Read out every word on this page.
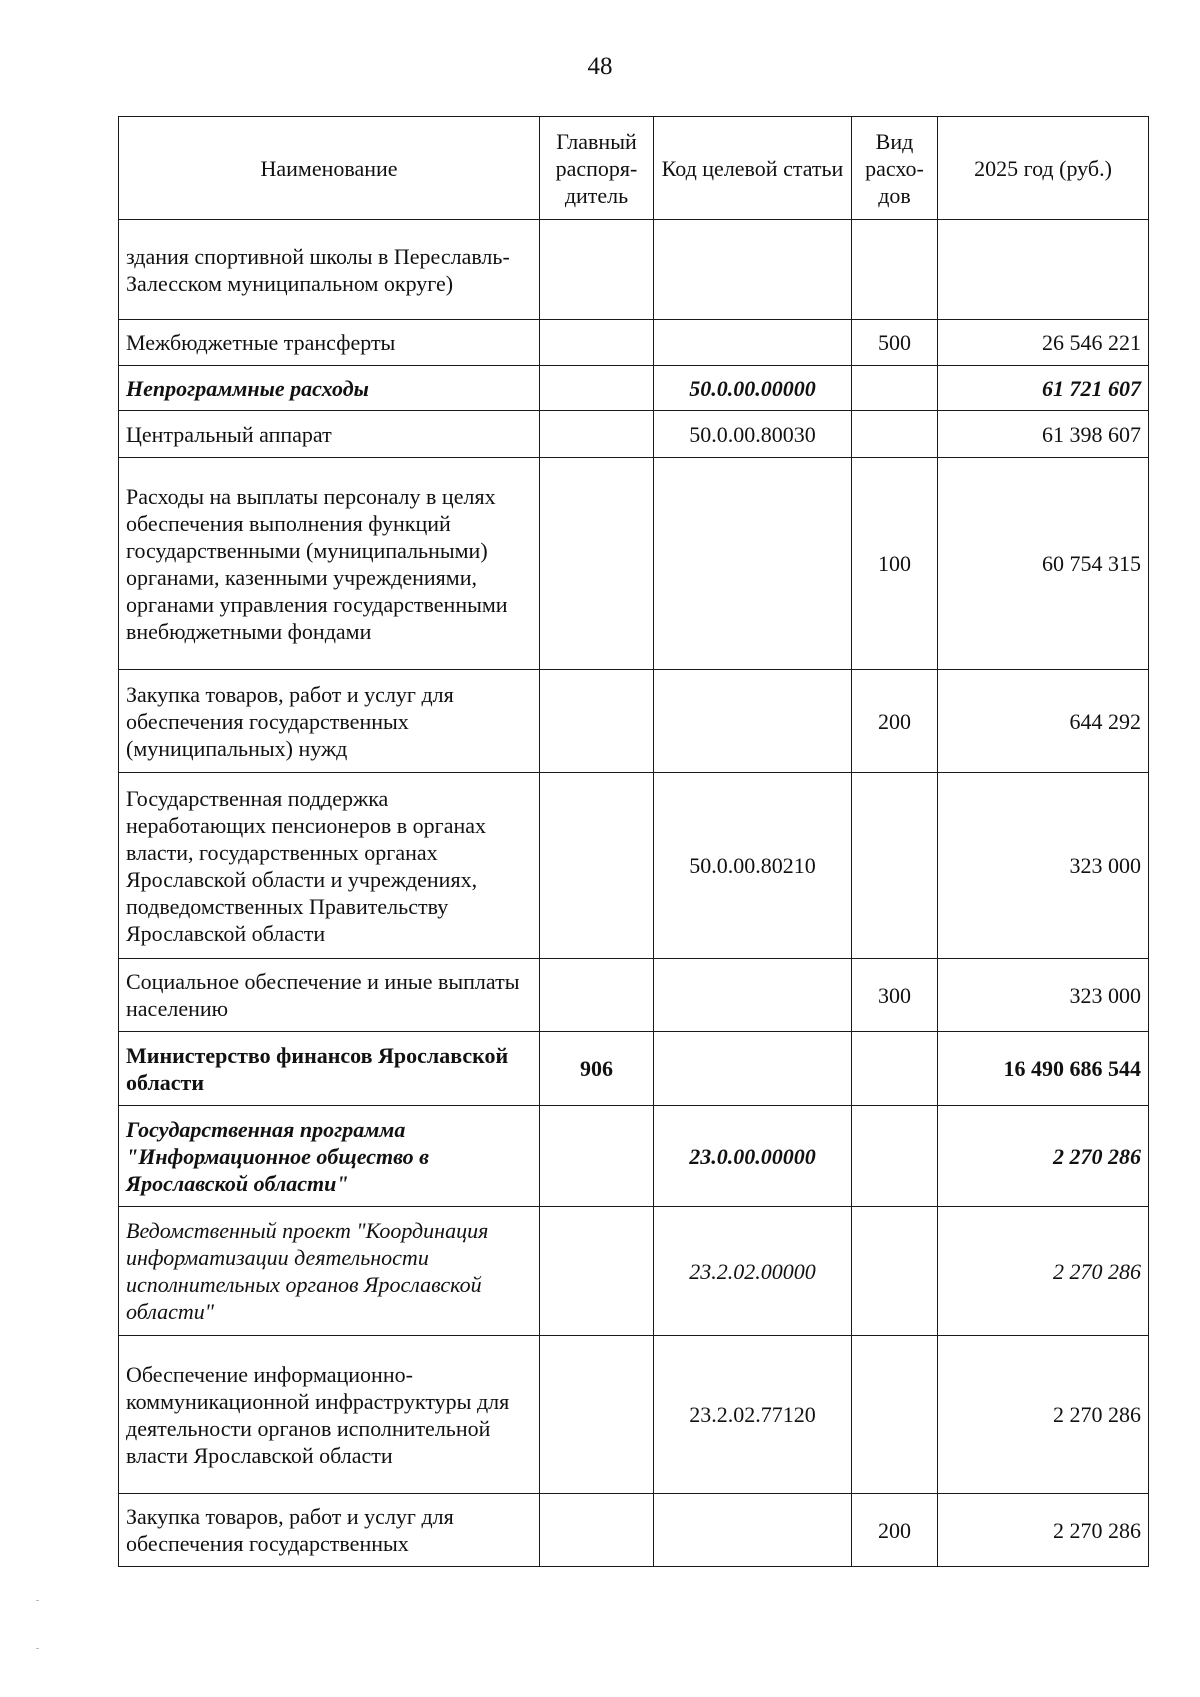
48
Наименование	Главный распоря-дитель	Код целевой статьи	Вид расхо-дов	2025 год (руб.)
здания спортивной школы в Переславль-Залесском муниципальном округе)				
Межбюджетные трансферты			500	26 546 221
Непрограммные расходы		50.0.00.00000		61 721 607
Центральный аппарат		50.0.00.80030		61 398 607
Расходы на выплаты персоналу в целях обеспечения выполнения функций государственными (муниципальными) органами, казенными учреждениями, органами управления государственными внебюджетными фондами			100	60 754 315
Закупка товаров, работ и услуг для обеспечения государственных (муниципальных) нужд			200	644 292
Государственная поддержка неработающих пенсионеров в органах власти, государственных органах Ярославской области и учреждениях, подведомственных Правительству Ярославской области		50.0.00.80210		323 000
Социальное обеспечение и иные выплаты населению			300	323 000
Министерство финансов Ярославской области	906			16 490 686 544
Государственная программа "Информационное общество в Ярославской области"		23.0.00.00000		2 270 286
Ведомственный проект "Координация информатизации деятельности исполнительных органов Ярославской области"		23.2.02.00000		2 270 286
Обеспечение информационно-коммуникационной инфраструктуры для деятельности органов исполнительной власти Ярославской области		23.2.02.77120		2 270 286
Закупка товаров, работ и услуг для обеспечения государственных			200	2 270 286
